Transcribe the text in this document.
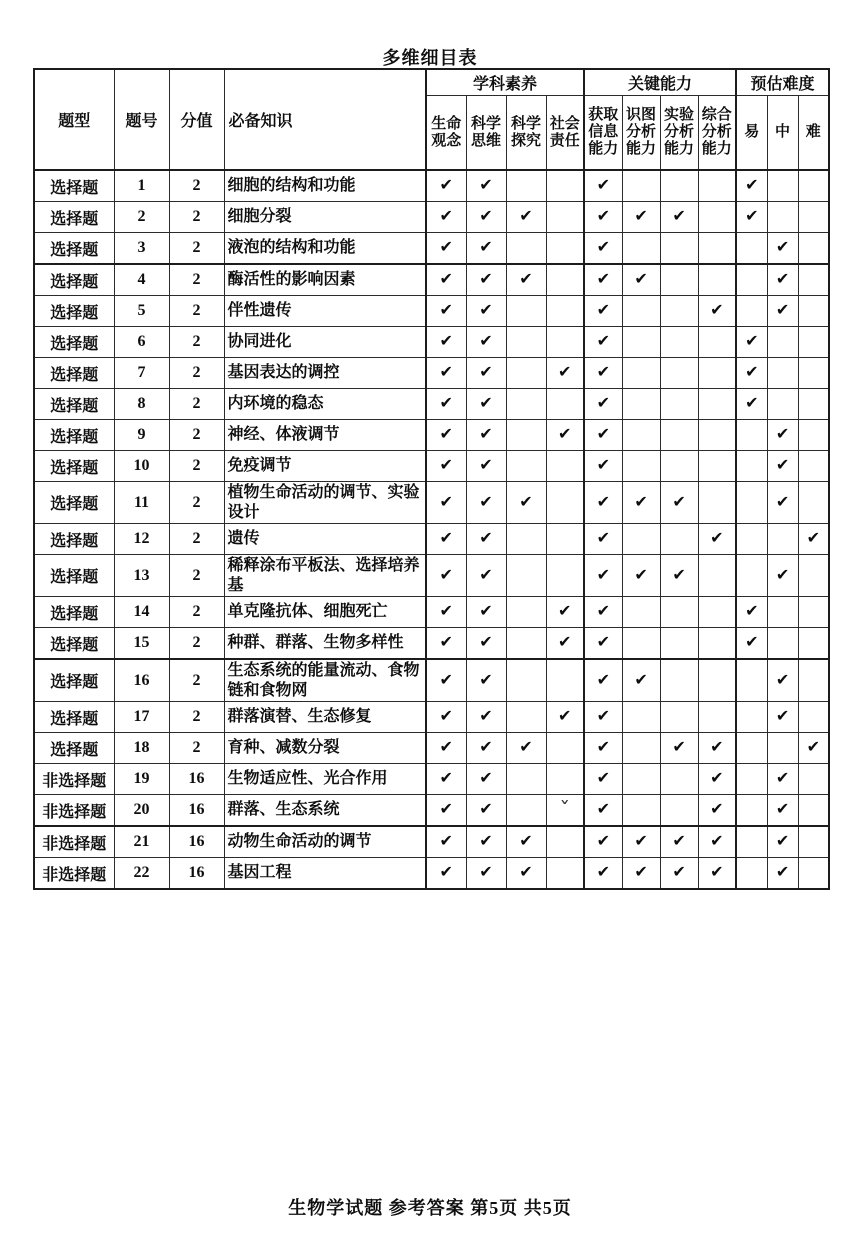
多维细目表
题型	题号	分值	必备知识	学科素养				关键能力				预估难度		
				生命观念	科学思维	科学探究	社会责任	获取信息能力	识图分析能力	实验分析能力	综合分析能力	易	中	难
选择题	1	2	细胞的结构和功能	✔	✔			✔				✔		
选择题	2	2	细胞分裂	✔	✔	✔		✔	✔	✔		✔		
选择题	3	2	液泡的结构和功能	✔	✔			✔					✔	
选择题	4	2	酶活性的影响因素	✔	✔	✔		✔	✔				✔	
选择题	5	2	伴性遗传	✔	✔			✔			✔		✔	
选择题	6	2	协同进化	✔	✔			✔				✔		
选择题	7	2	基因表达的调控	✔	✔		✔	✔				✔		
选择题	8	2	内环境的稳态	✔	✔			✔				✔		
选择题	9	2	神经、体液调节	✔	✔		✔	✔					✔	
选择题	10	2	免疫调节	✔	✔			✔					✔	
选择题	11	2	植物生命活动的调节、实验设计	✔	✔	✔		✔	✔	✔			✔	
选择题	12	2	遗传	✔	✔			✔			✔			✔
选择题	13	2	稀释涂布平板法、选择培养基	✔	✔			✔	✔	✔			✔	
选择题	14	2	单克隆抗体、细胞死亡	✔	✔		✔	✔				✔		
选择题	15	2	种群、群落、生物多样性	✔	✔		✔	✔				✔		
选择题	16	2	生态系统的能量流动、食物链和食物网	✔	✔			✔	✔				✔	
选择题	17	2	群落演替、生态修复	✔	✔		✔	✔					✔	
选择题	18	2	育种、减数分裂	✔	✔	✔		✔		✔	✔			✔
非选择题	19	16	生物适应性、光合作用	✔	✔			✔			✔		✔	
非选择题	20	16	群落、生态系统	✔	✔		ˇ	✔			✔		✔	
非选择题	21	16	动物生命活动的调节	✔	✔	✔		✔	✔	✔	✔		✔	
非选择题	22	16	基因工程	✔	✔	✔		✔	✔	✔	✔		✔	
生物学试题 参考答案 第5页 共5页
